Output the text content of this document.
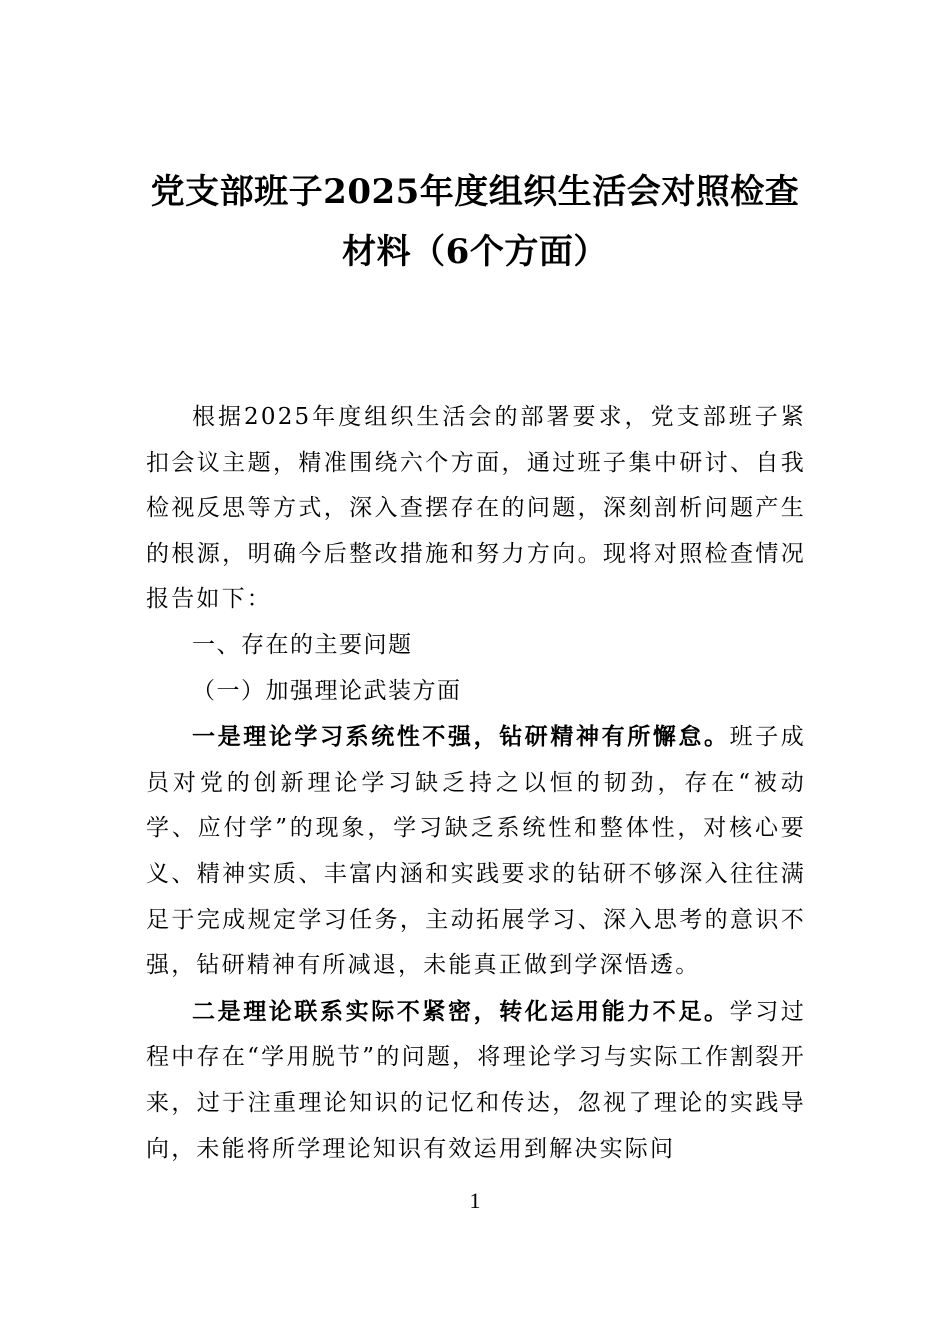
党支部班子2025年度组织生活会对照检查
材料（6个方面）

根据2025年度组织生活会的部署要求，党支部班子紧扣会议主题，精准围绕六个方面，通过班子集中研讨、自我检视反思等方式，深入查摆存在的问题，深刻剖析问题产生的根源，明确今后整改措施和努力方向。现将对照检查情况报告如下：

一、存在的主要问题

（一）加强理论武装方面

一是理论学习系统性不强，钻研精神有所懈怠。班子成员对党的创新理论学习缺乏持之以恒的韧劲，存在“被动学、应付学”的现象，学习缺乏系统性和整体性，对核心要义、精神实质、丰富内涵和实践要求的钻研不够深入往往满足于完成规定学习任务，主动拓展学习、深入思考的意识不强，钻研精神有所减退，未能真正做到学深悟透。

二是理论联系实际不紧密，转化运用能力不足。学习过程中存在“学用脱节”的问题，将理论学习与实际工作割裂开来，过于注重理论知识的记忆和传达，忽视了理论的实践导向，未能将所学理论知识有效运用到解决实际问

1
